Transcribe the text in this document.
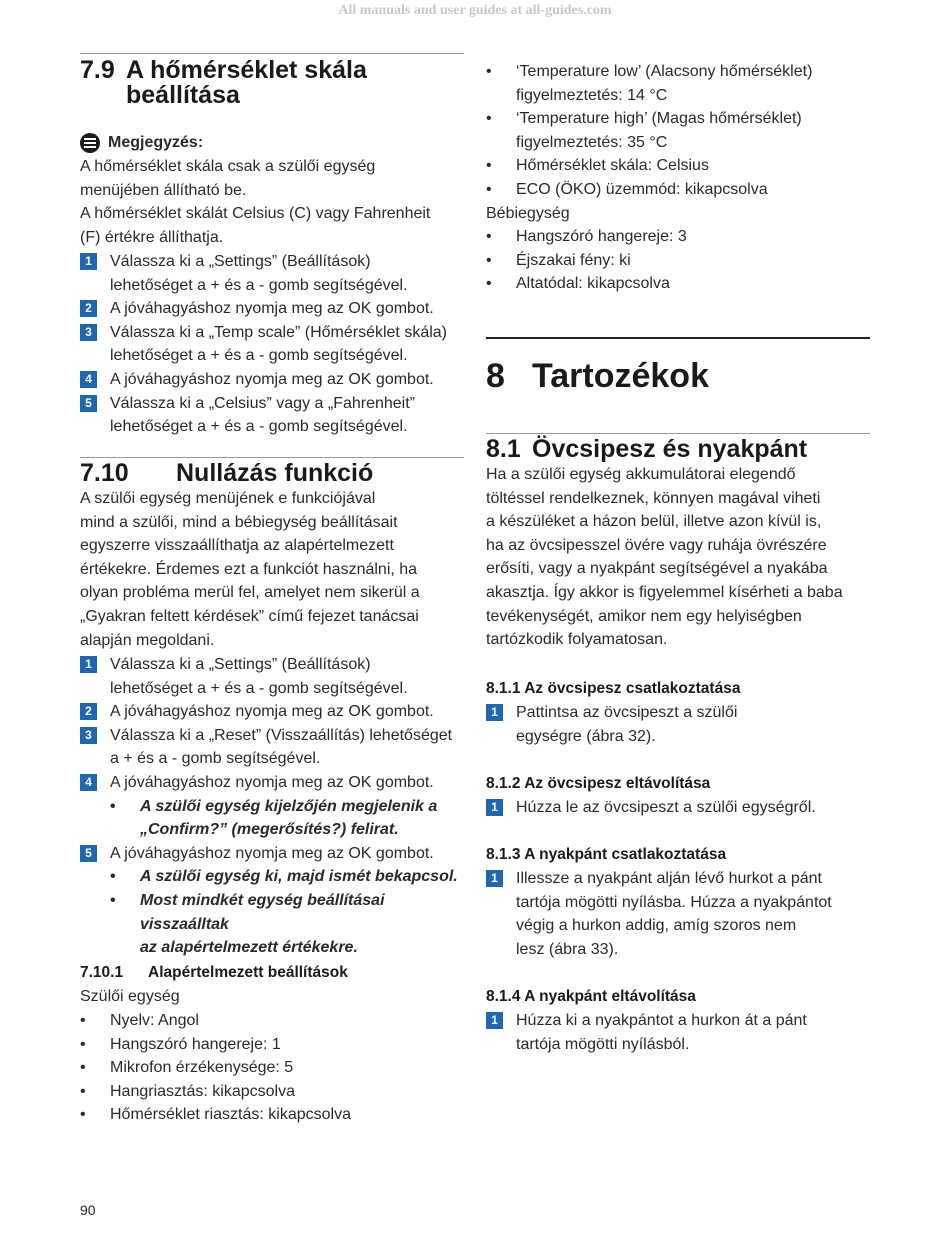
All manuals and user guides at all-guides.com
7.9 A hőmérséklet skála
beállítása
Megjegyzés:
A hőmérséklet skála csak a szülői egység
menüjében állítható be.
A hőmérséklet skálát Celsius (C) vagy Fahrenheit
(F) értékre állíthatja.
1	Válassza ki a „Settings” (Beállítások)
lehetőséget a + és a - gomb segítségével.
2	A jóváhagyáshoz nyomja meg az OK gombot.
3	Válassza ki a „Temp scale” (Hőmérséklet skála)
lehetőséget a + és a - gomb segítségével.
4	A jóváhagyáshoz nyomja meg az OK gombot.
5	Válassza ki a „Celsius” vagy a „Fahrenheit”
lehetőséget a + és a - gomb segítségével.
7.10	Nullázás funkció
A szülői egység menüjének e funkciójával
mind a szülői, mind a bébiegység beállításait
egyszerre visszaállíthatja az alapértelmezett
értékekre. Érdemes ezt a funkciót használni, ha
olyan probléma merül fel, amelyet nem sikerül a
„Gyakran feltett kérdések” című fejezet tanácsai
alapján megoldani.
1	Válassza ki a „Settings” (Beállítások)
lehetőséget a + és a - gomb segítségével.
2	A jóváhagyáshoz nyomja meg az OK gombot.
3	Válassza ki a „Reset” (Visszaállítás) lehetőséget
a + és a - gomb segítségével.
4	A jóváhagyáshoz nyomja meg az OK gombot.
•	A szülői egység kijelzőjén megjelenik a
„Confirm?” (megerősítés?) felirat.
5	A jóváhagyáshoz nyomja meg az OK gombot.
•	A szülői egység ki, majd ismét bekapcsol.
•	Most mindkét egység beállításai visszaálltak
az alapértelmezett értékekre.
7.10.1 Alapértelmezett beállítások
Szülői egység
•	Nyelv: Angol
•	Hangszóró hangereje: 1
•	Mikrofon érzékenysége: 5
•	Hangriasztás: kikapcsolva
•	Hőmérséklet riasztás: kikapcsolva
•	‘Temperature low’ (Alacsony hőmérséklet)
figyelmeztetés: 14 °C
•	‘Temperature high’ (Magas hőmérséklet)
figyelmeztetés: 35 °C
•	Hőmérséklet skála: Celsius
•	ECO (ÖKO) üzemmód: kikapcsolva
Bébiegység
•	Hangszóró hangereje: 3
•	Éjszakai fény: ki
•	Altatódal: kikapcsolva
8 Tartozékok
8.1 Övcsipesz és nyakpánt
Ha a szülői egység akkumulátorai elegendő
töltéssel rendelkeznek, könnyen magával viheti
a készüléket a házon belül, illetve azon kívül is,
ha az övcsipesszel övére vagy ruhája övrészére
erősíti, vagy a nyakpánt segítségével a nyakába
akasztja. Így akkor is figyelemmel kísérheti a baba
tevékenységét, amikor nem egy helyiségben
tartózkodik folyamatosan.
8.1.1 Az övcsipesz csatlakoztatása
1	Pattintsa az övcsipeszt a szülői
egységre (ábra 32).
8.1.2 Az övcsipesz eltávolítása
1	Húzza le az övcsipeszt a szülői egységről.
8.1.3 A nyakpánt csatlakoztatása
1	Illessze a nyakpánt alján lévő hurkot a pánt
tartója mögötti nyílásba. Húzza a nyakpántot
végig a hurkon addig, amíg szoros nem
lesz (ábra 33).
8.1.4 A nyakpánt eltávolítása
1	Húzza ki a nyakpántot a hurkon át a pánt
tartója mögötti nyílásból.
90
